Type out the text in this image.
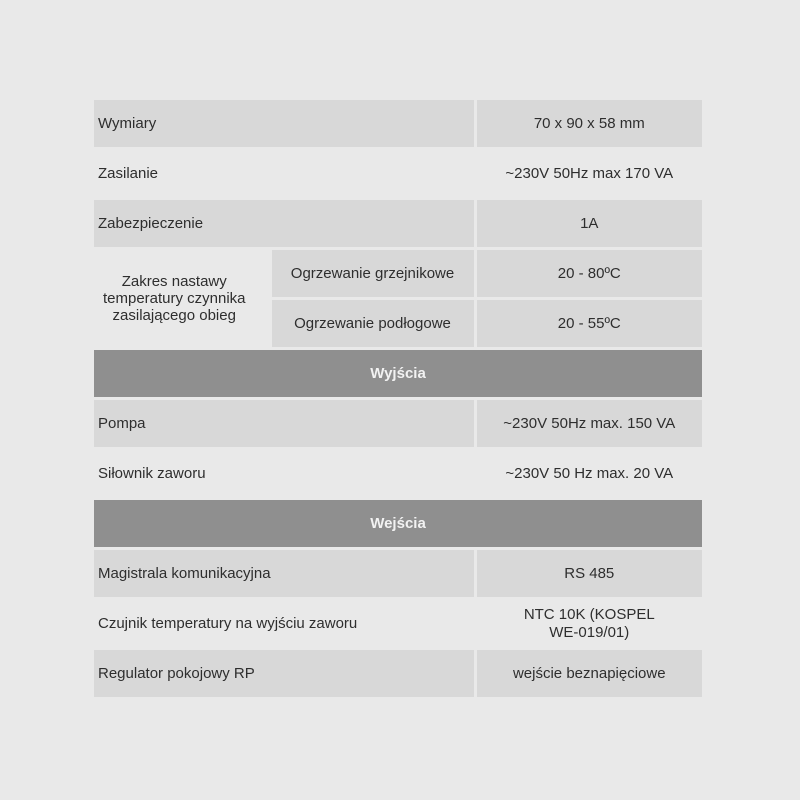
Wymiary		70 x 90 x 58 mm
Zasilanie		~230V 50Hz max 170 VA
Zabezpieczenie		1A
Zakres nastawy
temperatury czynnika
zasilającego obieg	Ogrzewanie grzejnikowe	20 - 80ºC
	Ogrzewanie podłogowe	20 - 55ºC
Wyjścia		
Pompa		~230V 50Hz max. 150 VA
Siłownik zaworu		~230V 50 Hz max. 20 VA
Wejścia		
Magistrala komunikacyjna		RS 485
Czujnik temperatury na wyjściu zaworu		NTC 10K (KOSPEL
WE-019/01)
Regulator pokojowy RP		wejście beznapięciowe
